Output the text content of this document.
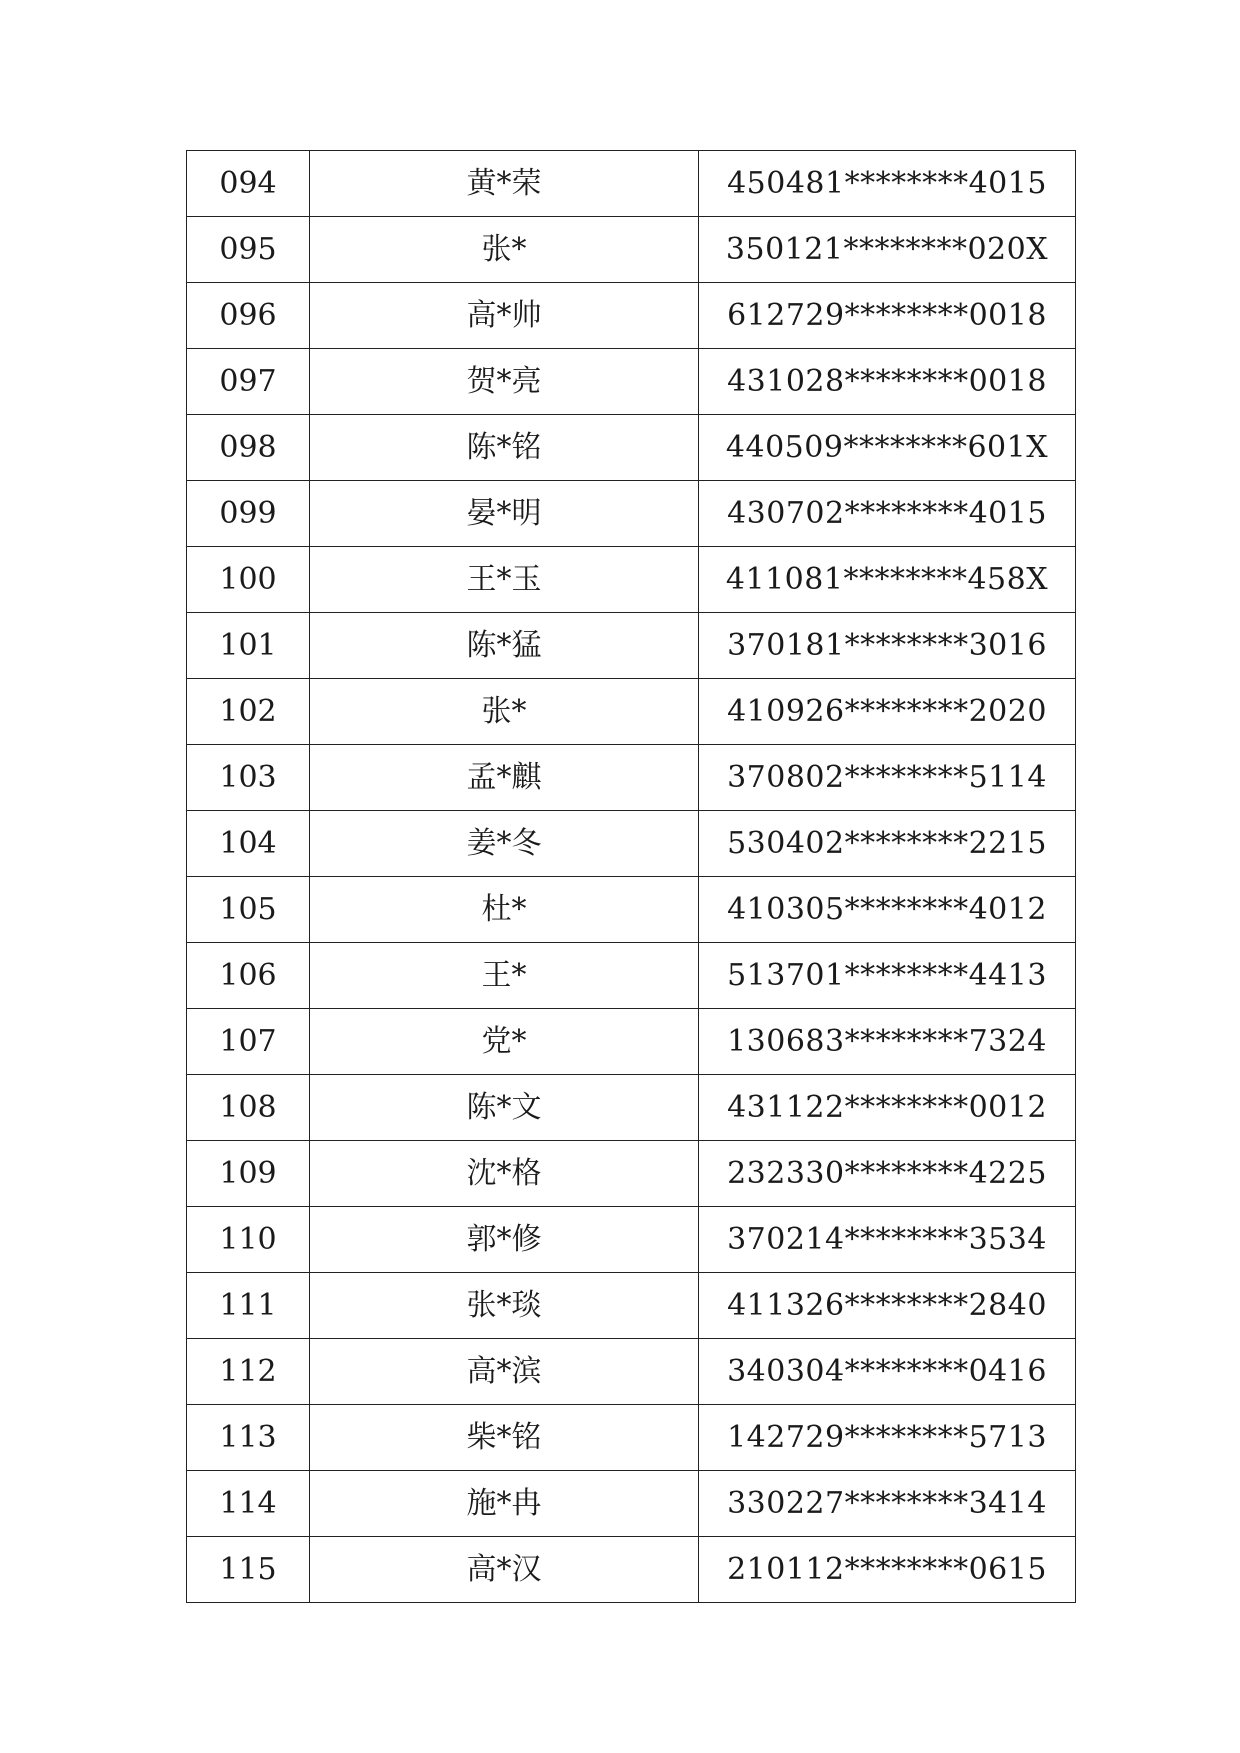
094	黄*荣	450481********4015
095	张*	350121********020X
096	高*帅	612729********0018
097	贺*亮	431028********0018
098	陈*铭	440509********601X
099	晏*明	430702********4015
100	王*玉	411081********458X
101	陈*猛	370181********3016
102	张*	410926********2020
103	孟*麒	370802********5114
104	姜*冬	530402********2215
105	杜*	410305********4012
106	王*	513701********4413
107	党*	130683********7324
108	陈*文	431122********0012
109	沈*格	232330********4225
110	郭*修	370214********3534
111	张*琰	411326********2840
112	高*滨	340304********0416
113	柴*铭	142729********5713
114	施*冉	330227********3414
115	高*汉	210112********0615
